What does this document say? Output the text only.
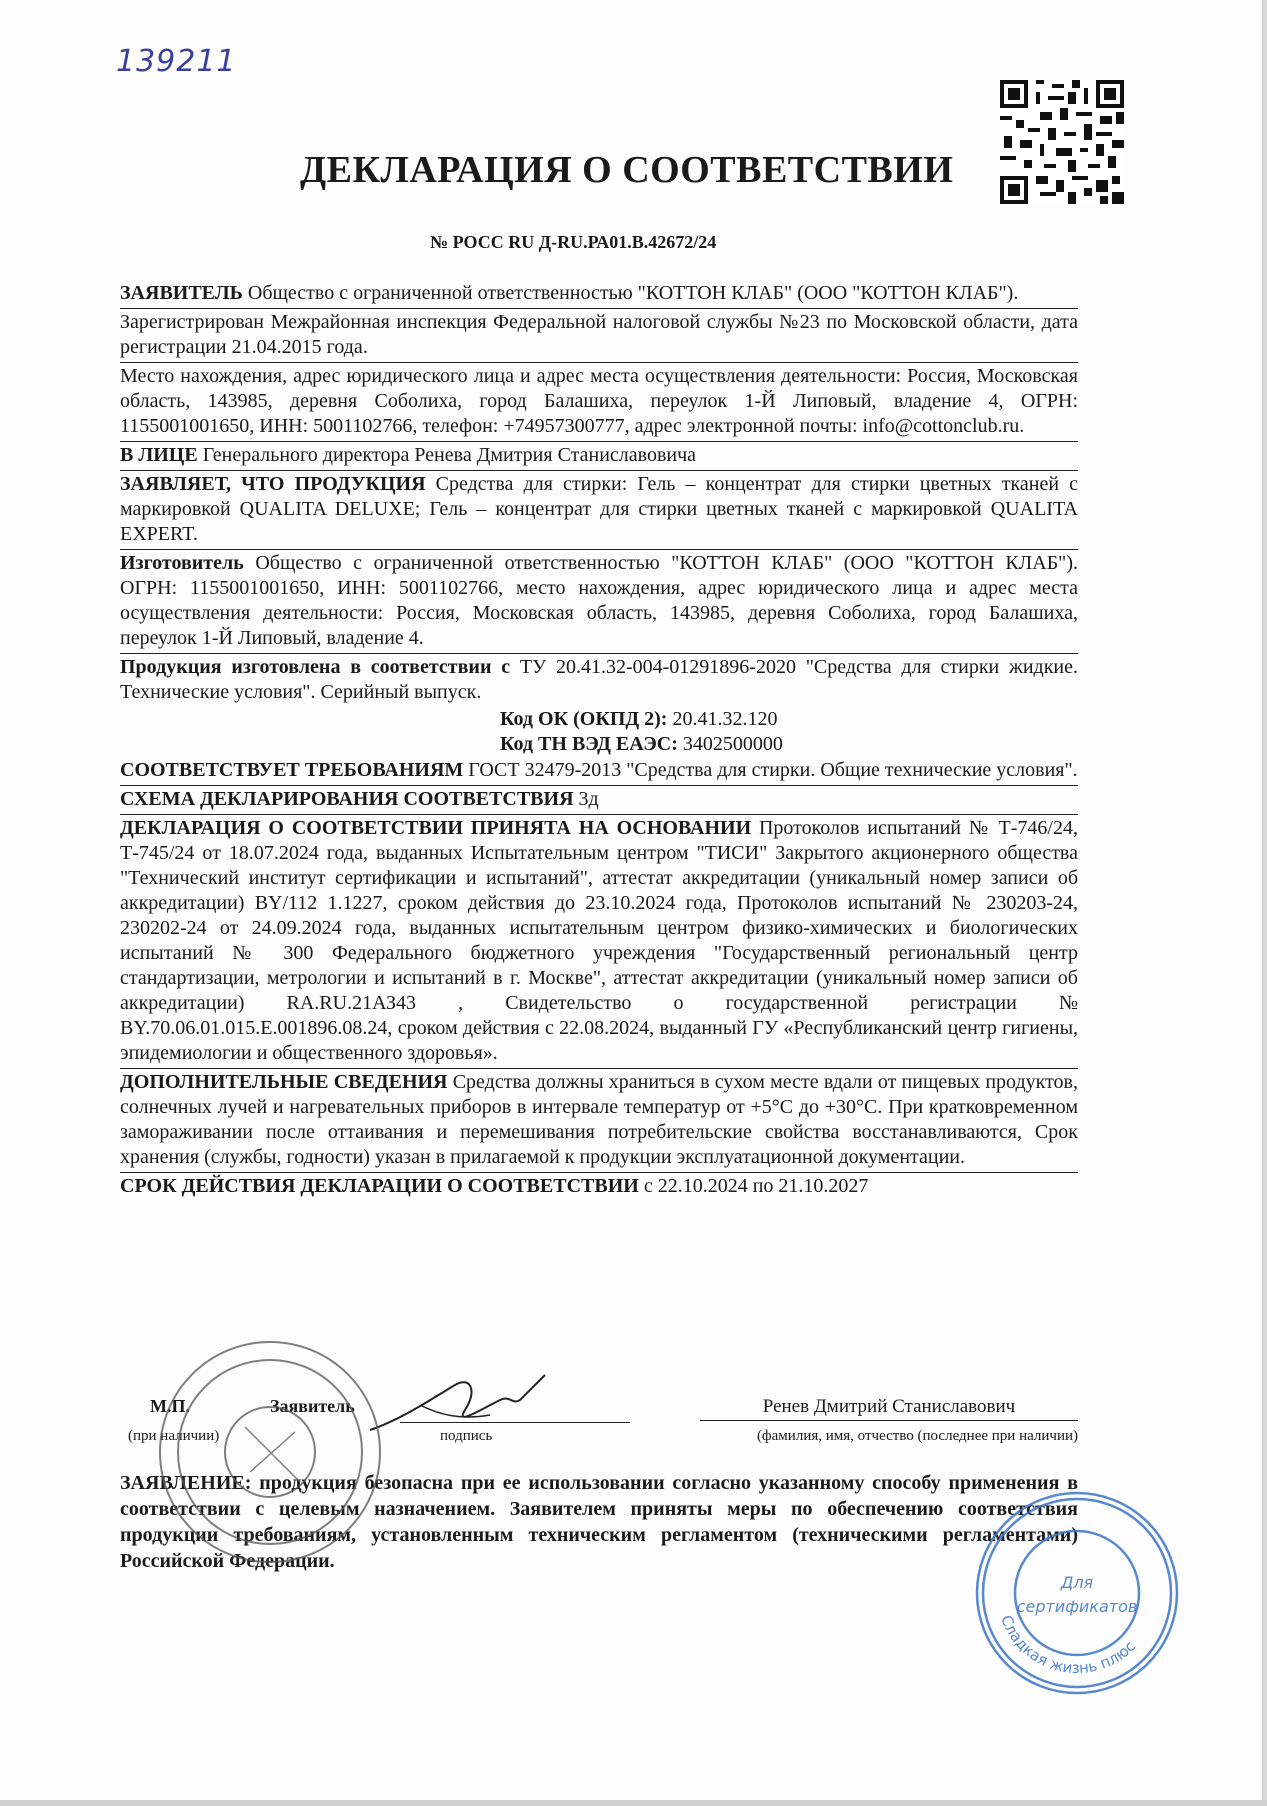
139211
ДЕКЛАРАЦИЯ О СООТВЕТСТВИИ
№ РОСС RU Д-RU.РА01.В.42672/24
ЗАЯВИТЕЛЬ Общество с ограниченной ответственностью "КОТТОН КЛАБ" (ООО "КОТТОН КЛАБ").
Зарегистрирован Межрайонная инспекция Федеральной налоговой службы №23 по Московской области, дата регистрации 21.04.2015 года.
Место нахождения, адрес юридического лица и адрес места осуществления деятельности: Россия, Московская область, 143985, деревня Соболиха, город Балашиха, переулок 1-Й Липовый, владение 4, ОГРН: 1155001001650, ИНН: 5001102766, телефон: +74957300777, адрес электронной почты: info@cottonclub.ru.
В ЛИЦЕ Генерального директора Ренева Дмитрия Станиславовича
ЗАЯВЛЯЕТ, ЧТО ПРОДУКЦИЯ Средства для стирки: Гель – концентрат для стирки цветных тканей с маркировкой QUALITA DELUXE; Гель – концентрат для стирки цветных тканей с маркировкой QUALITA EXPERT.
Изготовитель Общество с ограниченной ответственностью "КОТТОН КЛАБ" (ООО "КОТТОН КЛАБ"). ОГРН: 1155001001650, ИНН: 5001102766, место нахождения, адрес юридического лица и адрес места осуществления деятельности: Россия, Московская область, 143985, деревня Соболиха, город Балашиха, переулок 1-Й Липовый, владение 4.
Продукция изготовлена в соответствии с ТУ 20.41.32-004-01291896-2020 "Средства для стирки жидкие. Технические условия". Серийный выпуск.
Код ОК (ОКПД 2): 20.41.32.120
Код ТН ВЭД ЕАЭС: 3402500000
СООТВЕТСТВУЕТ ТРЕБОВАНИЯМ ГОСТ 32479-2013 "Средства для стирки. Общие технические условия".
СХЕМА ДЕКЛАРИРОВАНИЯ СООТВЕТСТВИЯ 3д
ДЕКЛАРАЦИЯ О СООТВЕТСТВИИ ПРИНЯТА НА ОСНОВАНИИ Протоколов испытаний № Т-746/24, Т-745/24 от 18.07.2024 года, выданных Испытательным центром "ТИСИ" Закрытого акционерного общества "Технический институт сертификации и испытаний", аттестат аккредитации (уникальный номер записи об аккредитации) BY/112 1.1227, сроком действия до 23.10.2024 года, Протоколов испытаний № 230203-24, 230202-24 от 24.09.2024 года, выданных испытательным центром физико-химических и биологических испытаний № 300 Федерального бюджетного учреждения "Государственный региональный центр стандартизации, метрологии и испытаний в г. Москве", аттестат аккредитации (уникальный номер записи об аккредитации) RA.RU.21АЗ43 , Свидетельство о государственной регистрации № BY.70.06.01.015.E.001896.08.24, сроком действия с 22.08.2024, выданный ГУ «Республиканский центр гигиены, эпидемиологии и общественного здоровья».
ДОПОЛНИТЕЛЬНЫЕ СВЕДЕНИЯ Средства должны храниться в сухом месте вдали от пищевых продуктов, солнечных лучей и нагревательных приборов в интервале температур от +5°С до +30°С. При кратковременном замораживании после оттаивания и перемешивания потребительские свойства восстанавливаются, Срок хранения (службы, годности) указан в прилагаемой к продукции эксплуатационной документации.
СРОК ДЕЙСТВИЯ ДЕКЛАРАЦИИ О СООТВЕТСТВИИ с 22.10.2024 по 21.10.2027
М.П.	Заявитель	Ренев Дмитрий Станиславович
(при наличии)	подпись	(фамилия, имя, отчество (последнее при наличии)
ЗАЯВЛЕНИЕ: продукция безопасна при ее использовании согласно указанному способу применения в соответствии с целевым назначением. Заявителем приняты меры по обеспечению соответствия продукции требованиям, установленным техническим регламентом (техническими регламентами) Российской Федерации.
Сладкая жизнь плюс
Для
сертификатов
